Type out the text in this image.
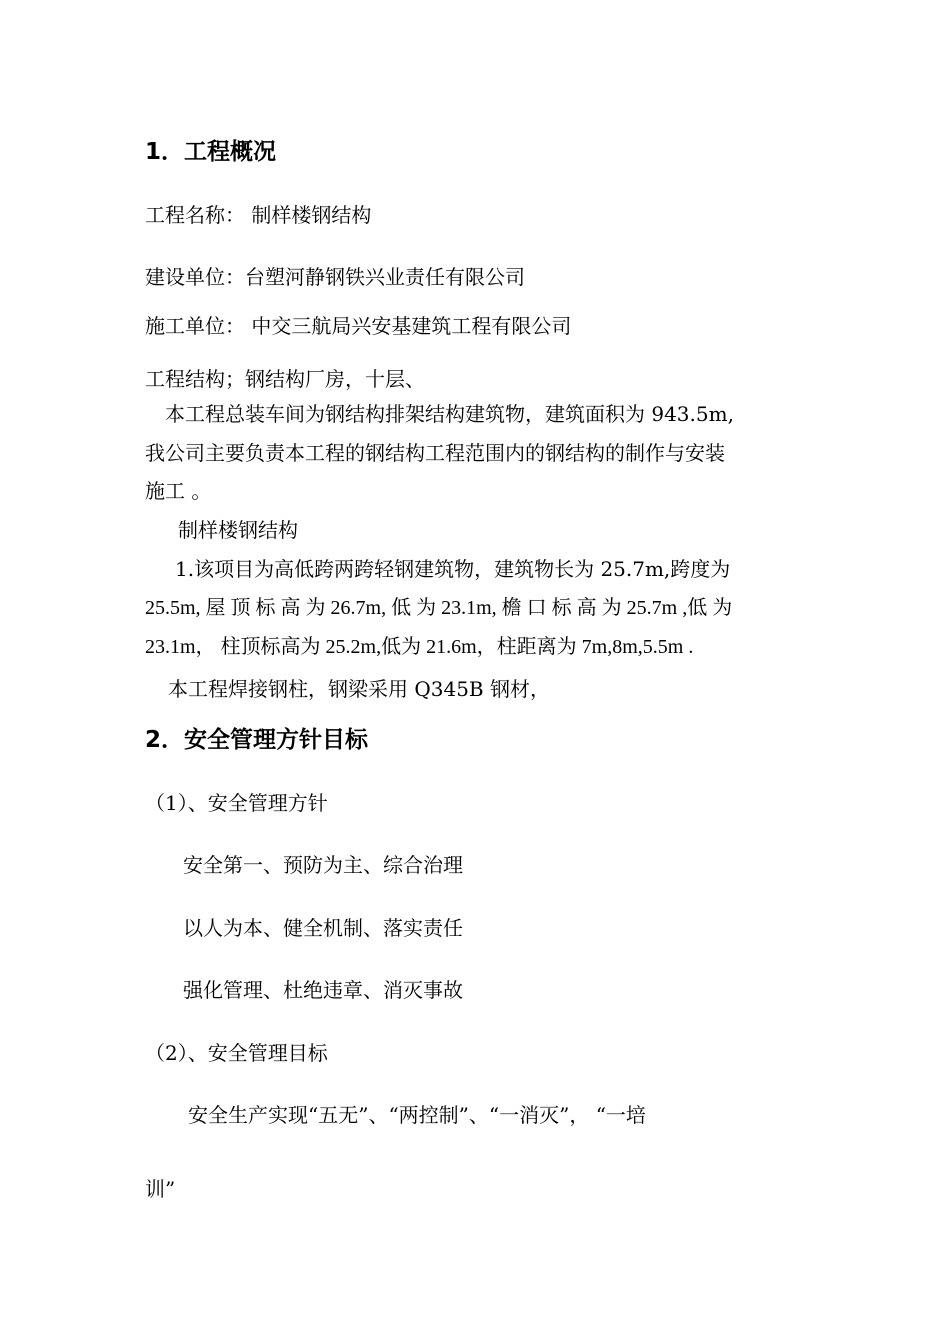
1．工程概况

工程名称： 制样楼钢结构

建设单位：台塑河静钢铁兴业责任有限公司

施工单位： 中交三航局兴安基建筑工程有限公司

工程结构；钢结构厂房，十层、

本工程总装车间为钢结构排架结构建筑物，建筑面积为 943.5m,

我公司主要负责本工程的钢结构工程范围内的钢结构的制作与安装

施工 。

制样楼钢结构

1.该项目为高低跨两跨轻钢建筑物，建筑物长为 25.7m,跨度为

25.5m, 屋 顶 标 高 为 26.7m, 低 为 23.1m, 檐 口 标 高 为 25.7m ,低 为

23.1m， 柱顶标高为 25.2m,低为 21.6m，柱距离为 7m,8m,5.5m .

本工程焊接钢柱，钢梁采用 Q345B 钢材，

2．安全管理方针目标

（1）、安全管理方针

安全第一、预防为主、综合治理

以人为本、健全机制、落实责任

强化管理、杜绝违章、消灭事故

（2）、安全管理目标

安全生产实现“五无”、“两控制”、“一消灭”， “一培

训”
